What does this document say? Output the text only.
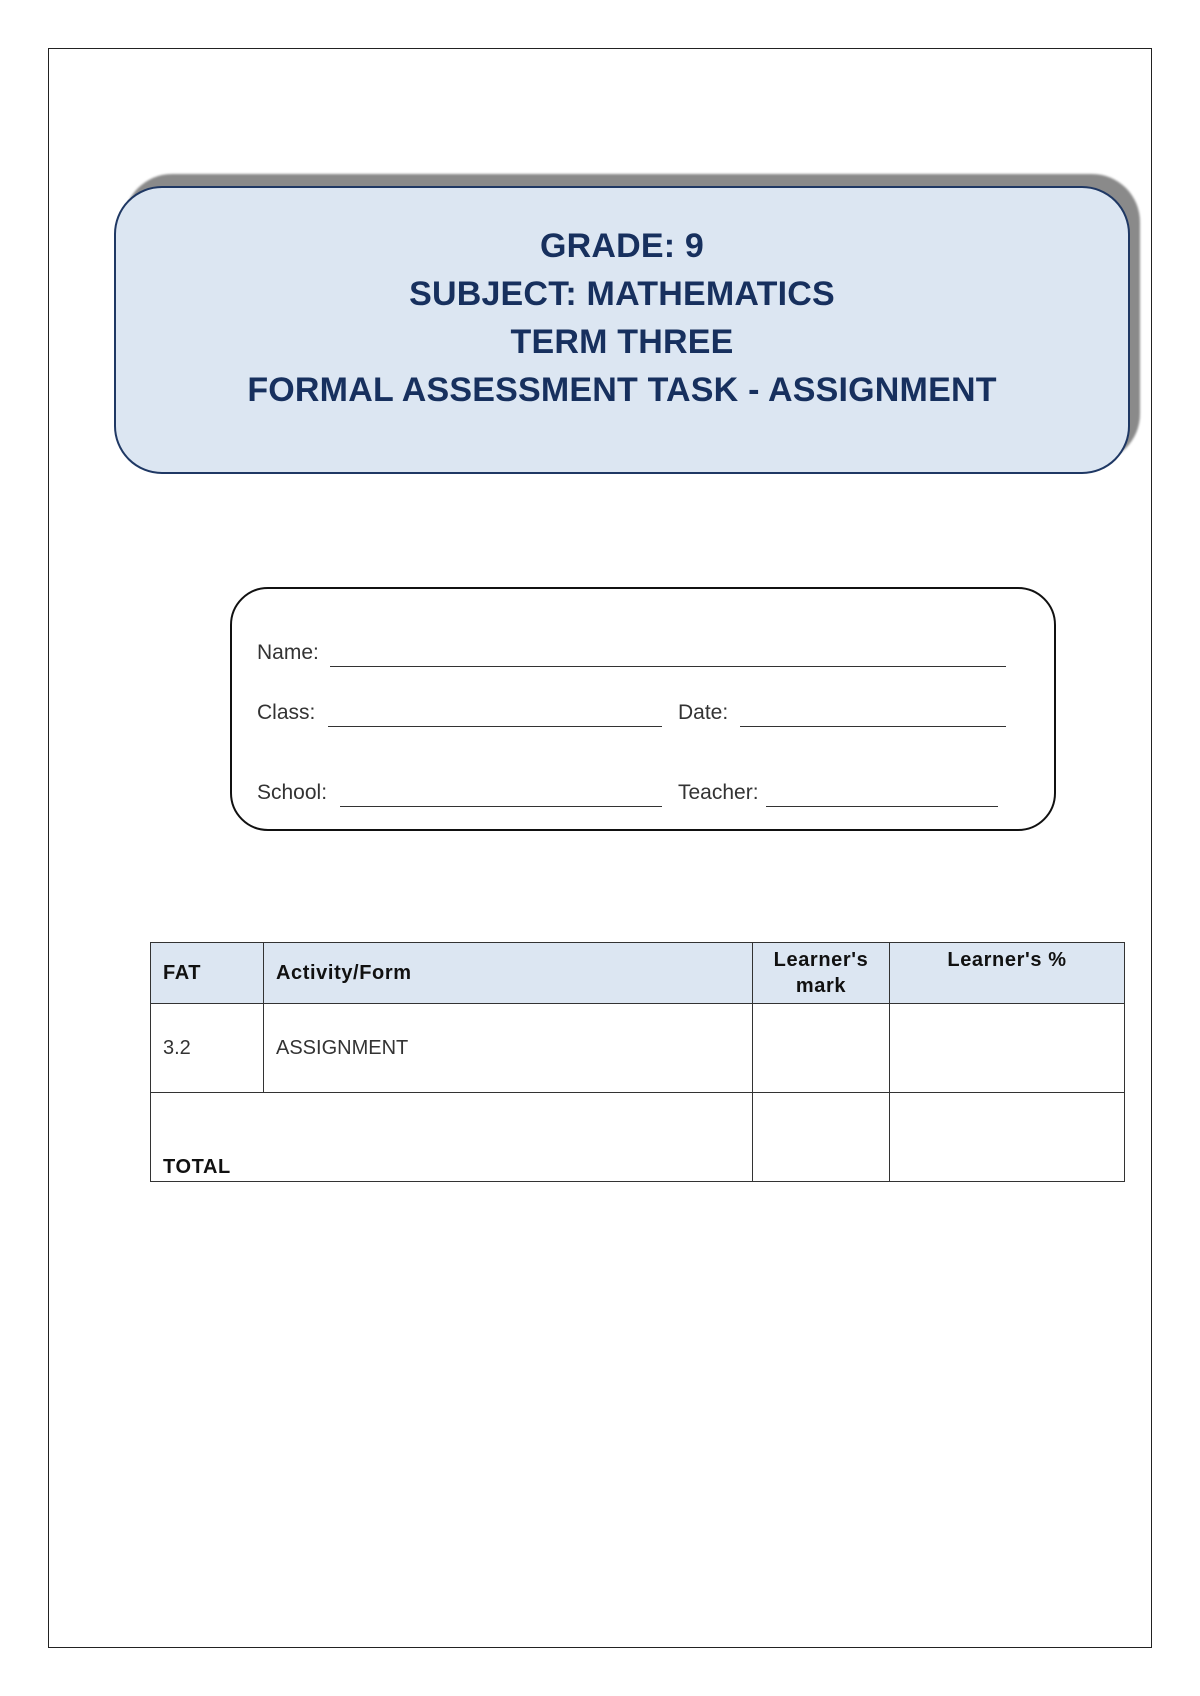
GRADE: 9
SUBJECT: MATHEMATICS
TERM THREE
FORMAL ASSESSMENT TASK - ASSIGNMENT
Name:
Class:	Date:
School:	Teacher:
FAT	Activity/Form	Learner's mark	Learner's %
3.2	ASSIGNMENT		
TOTAL			
